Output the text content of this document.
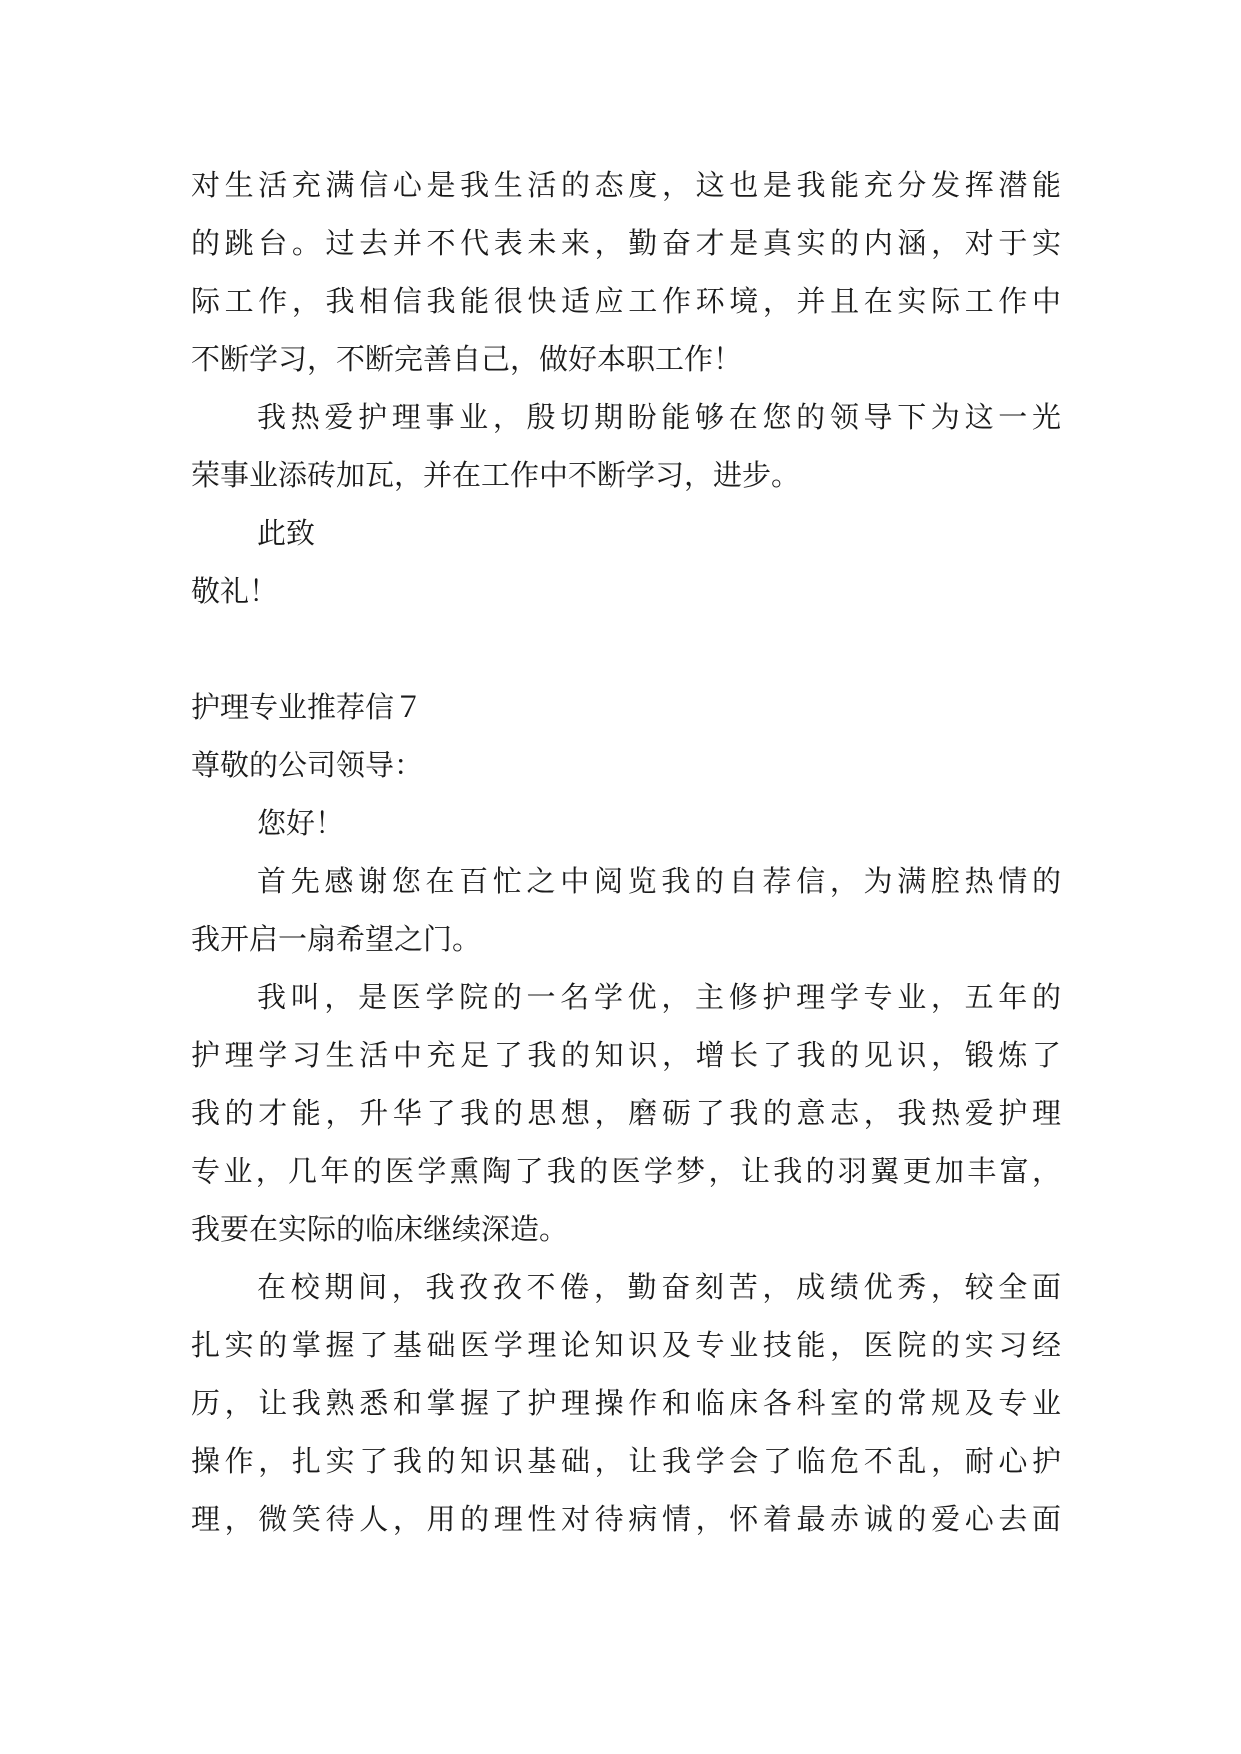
对生活充满信心是我生活的态度，这也是我能充分发挥潜能
的跳台。过去并不代表未来，勤奋才是真实的内涵，对于实
际工作，我相信我能很快适应工作环境，并且在实际工作中
不断学习，不断完善自己，做好本职工作！
我热爱护理事业，殷切期盼能够在您的领导下为这一光
荣事业添砖加瓦，并在工作中不断学习，进步。
此致
敬礼！
护理专业推荐信７
尊敬的公司领导：
您好！
首先感谢您在百忙之中阅览我的自荐信，为满腔热情的
我开启一扇希望之门。
我叫，是医学院的一名学优，主修护理学专业，五年的
护理学习生活中充足了我的知识，增长了我的见识，锻炼了
我的才能，升华了我的思想，磨砺了我的意志，我热爱护理
专业，几年的医学熏陶了我的医学梦，让我的羽翼更加丰富，
我要在实际的临床继续深造。
在校期间，我孜孜不倦，勤奋刻苦，成绩优秀，较全面
扎实的掌握了基础医学理论知识及专业技能，医院的实习经
历，让我熟悉和掌握了护理操作和临床各科室的常规及专业
操作，扎实了我的知识基础，让我学会了临危不乱，耐心护
理，微笑待人，用的理性对待病情，怀着最赤诚的爱心去面
